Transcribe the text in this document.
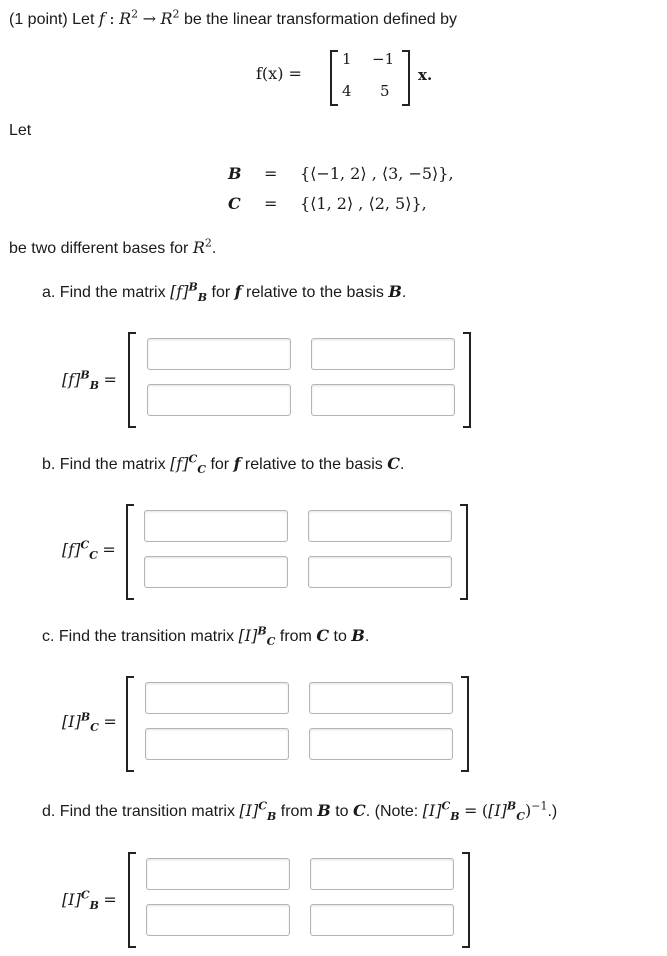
(1 point) Let f : $R^2 \to R^2$ be the linear transformation defined by
f(x) =
1 −1
4 5
x.
Let
B = {⟨−1, 2⟩ , ⟨3, −5⟩},
C = {⟨1, 2⟩ , ⟨2, 5⟩},
be two different bases for $R^2$.
a. Find the matrix $[f]^B_B$ for f relative to the basis B.
$[f]^B_B$ =
b. Find the matrix $[f]^C_C$ for f relative to the basis C.
$[f]^C_C$ =
c. Find the transition matrix $[I]^B_C$ from C to B.
$[I]^B_C$ =
d. Find the transition matrix $[I]^C_B$ from B to C. (Note: $[I]^C_B = ([I]^B_C)^{-1}$.)
$[I]^C_B$ =
